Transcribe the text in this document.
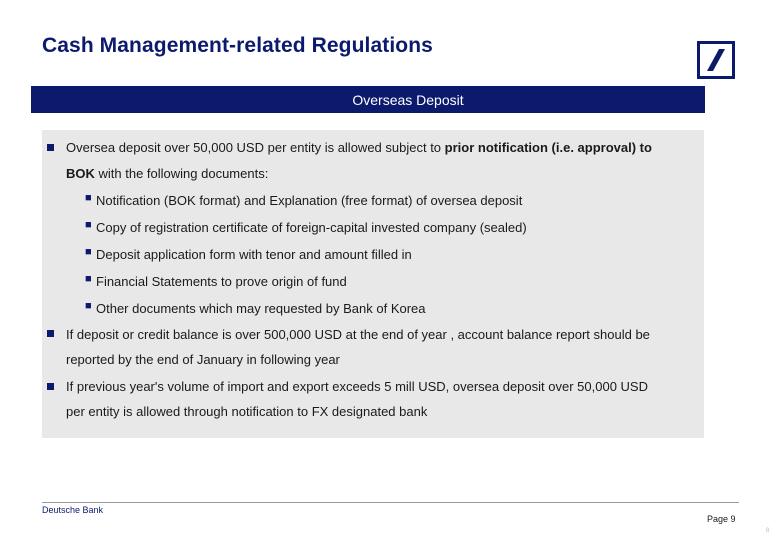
Cash Management-related Regulations
Overseas Deposit
Oversea deposit over 50,000 USD per entity is allowed subject to prior notification (i.e. approval) to
BOK with the following documents:
■ Notification (BOK format) and Explanation (free format) of oversea deposit
■ Copy of registration certificate of foreign-capital invested company (sealed)
■ Deposit application form with tenor and amount filled in
■ Financial Statements to prove origin of fund
■ Other documents which may requested by Bank of Korea
If deposit or credit balance is over 500,000 USD at the end of year , account balance report should be
reported by the end of January in following year
If previous year's volume of import and export exceeds 5 mill USD, oversea deposit over 50,000 USD
per entity is allowed through notification to FX designated bank
Deutsche Bank
Page 9
8
